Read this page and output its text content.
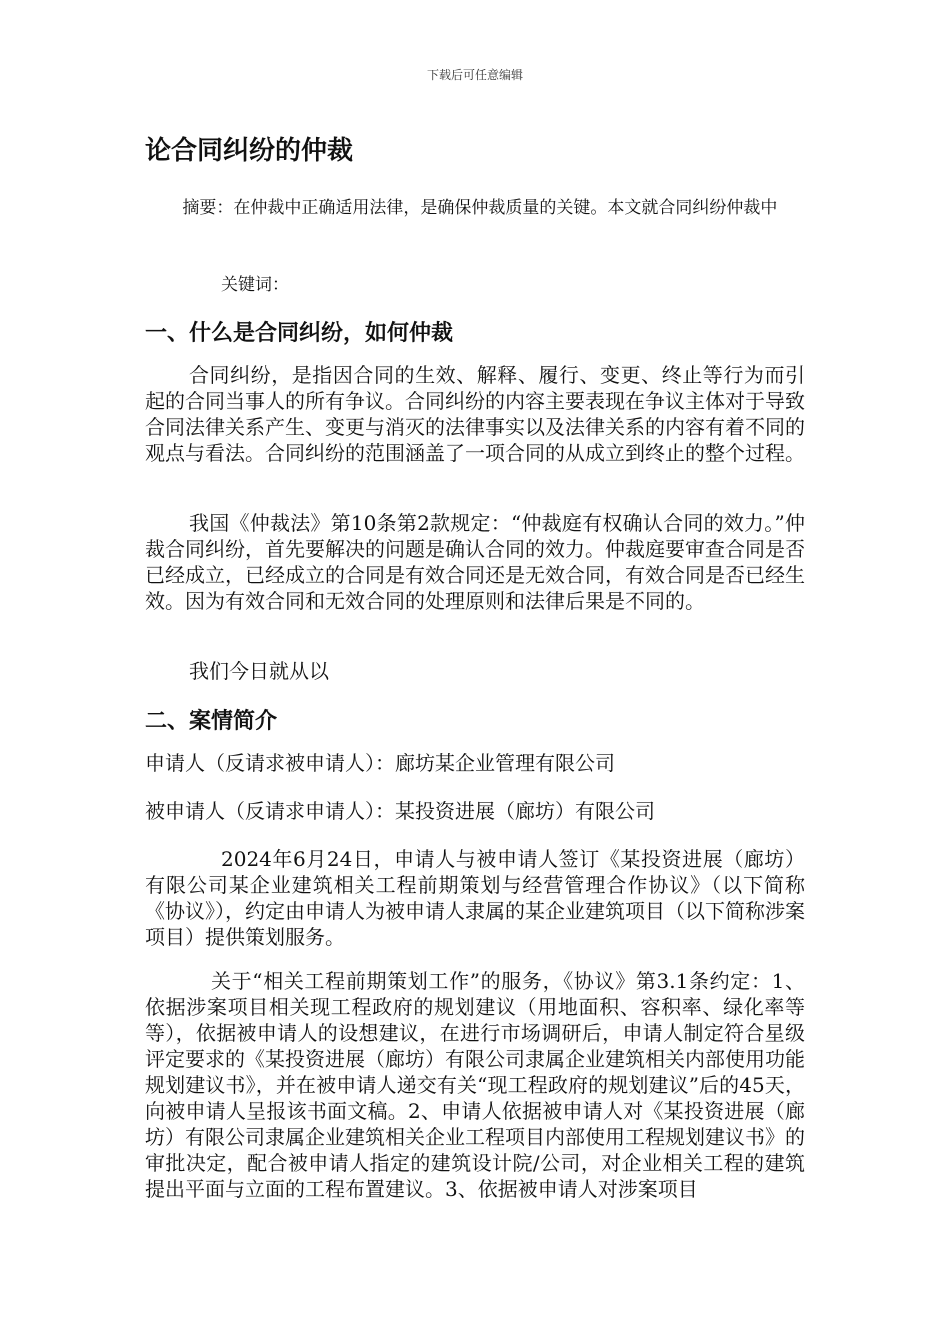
下载后可任意编辑
论合同纠纷的仲裁

摘要：在仲裁中正确适用法律，是确保仲裁质量的关键。本文就合同纠纷仲裁中

关键词：

一、什么是合同纠纷，如何仲裁

合同纠纷，是指因合同的生效、解释、履行、变更、终止等行为而引起的合同当事人的所有争议。合同纠纷的内容主要表现在争议主体对于导致合同法律关系产生、变更与消灭的法律事实以及法律关系的内容有着不同的观点与看法。合同纠纷的范围涵盖了一项合同的从成立到终止的整个过程。

我国《仲裁法》第10条第2款规定：“仲裁庭有权确认合同的效力。”仲裁合同纠纷，首先要解决的问题是确认合同的效力。仲裁庭要审查合同是否已经成立，已经成立的合同是有效合同还是无效合同，有效合同是否已经生效。因为有效合同和无效合同的处理原则和法律后果是不同的。

我们今日就从以

二、案情简介

申请人（反请求被申请人）：廊坊某企业管理有限公司

被申请人（反请求申请人）：某投资进展（廊坊）有限公司

2024年6月24日，申请人与被申请人签订《某投资进展（廊坊）有限公司某企业建筑相关工程前期策划与经营管理合作协议》（以下简称《协议》），约定由申请人为被申请人隶属的某企业建筑项目（以下简称涉案项目）提供策划服务。

关于“相关工程前期策划工作”的服务，《协议》第3.1条约定：1、依据涉案项目相关现工程政府的规划建议（用地面积、容积率、绿化率等等），依据被申请人的设想建议，在进行市场调研后，申请人制定符合星级评定要求的《某投资进展（廊坊）有限公司隶属企业建筑相关内部使用功能规划建议书》，并在被申请人递交有关“现工程政府的规划建议”后的45天，向被申请人呈报该书面文稿。2、申请人依据被申请人对《某投资进展（廊坊）有限公司隶属企业建筑相关企业工程项目内部使用工程规划建议书》的审批决定，配合被申请人指定的建筑设计院/公司，对企业相关工程的建筑提出平面与立面的工程布置建议。3、依据被申请人对涉案项目
